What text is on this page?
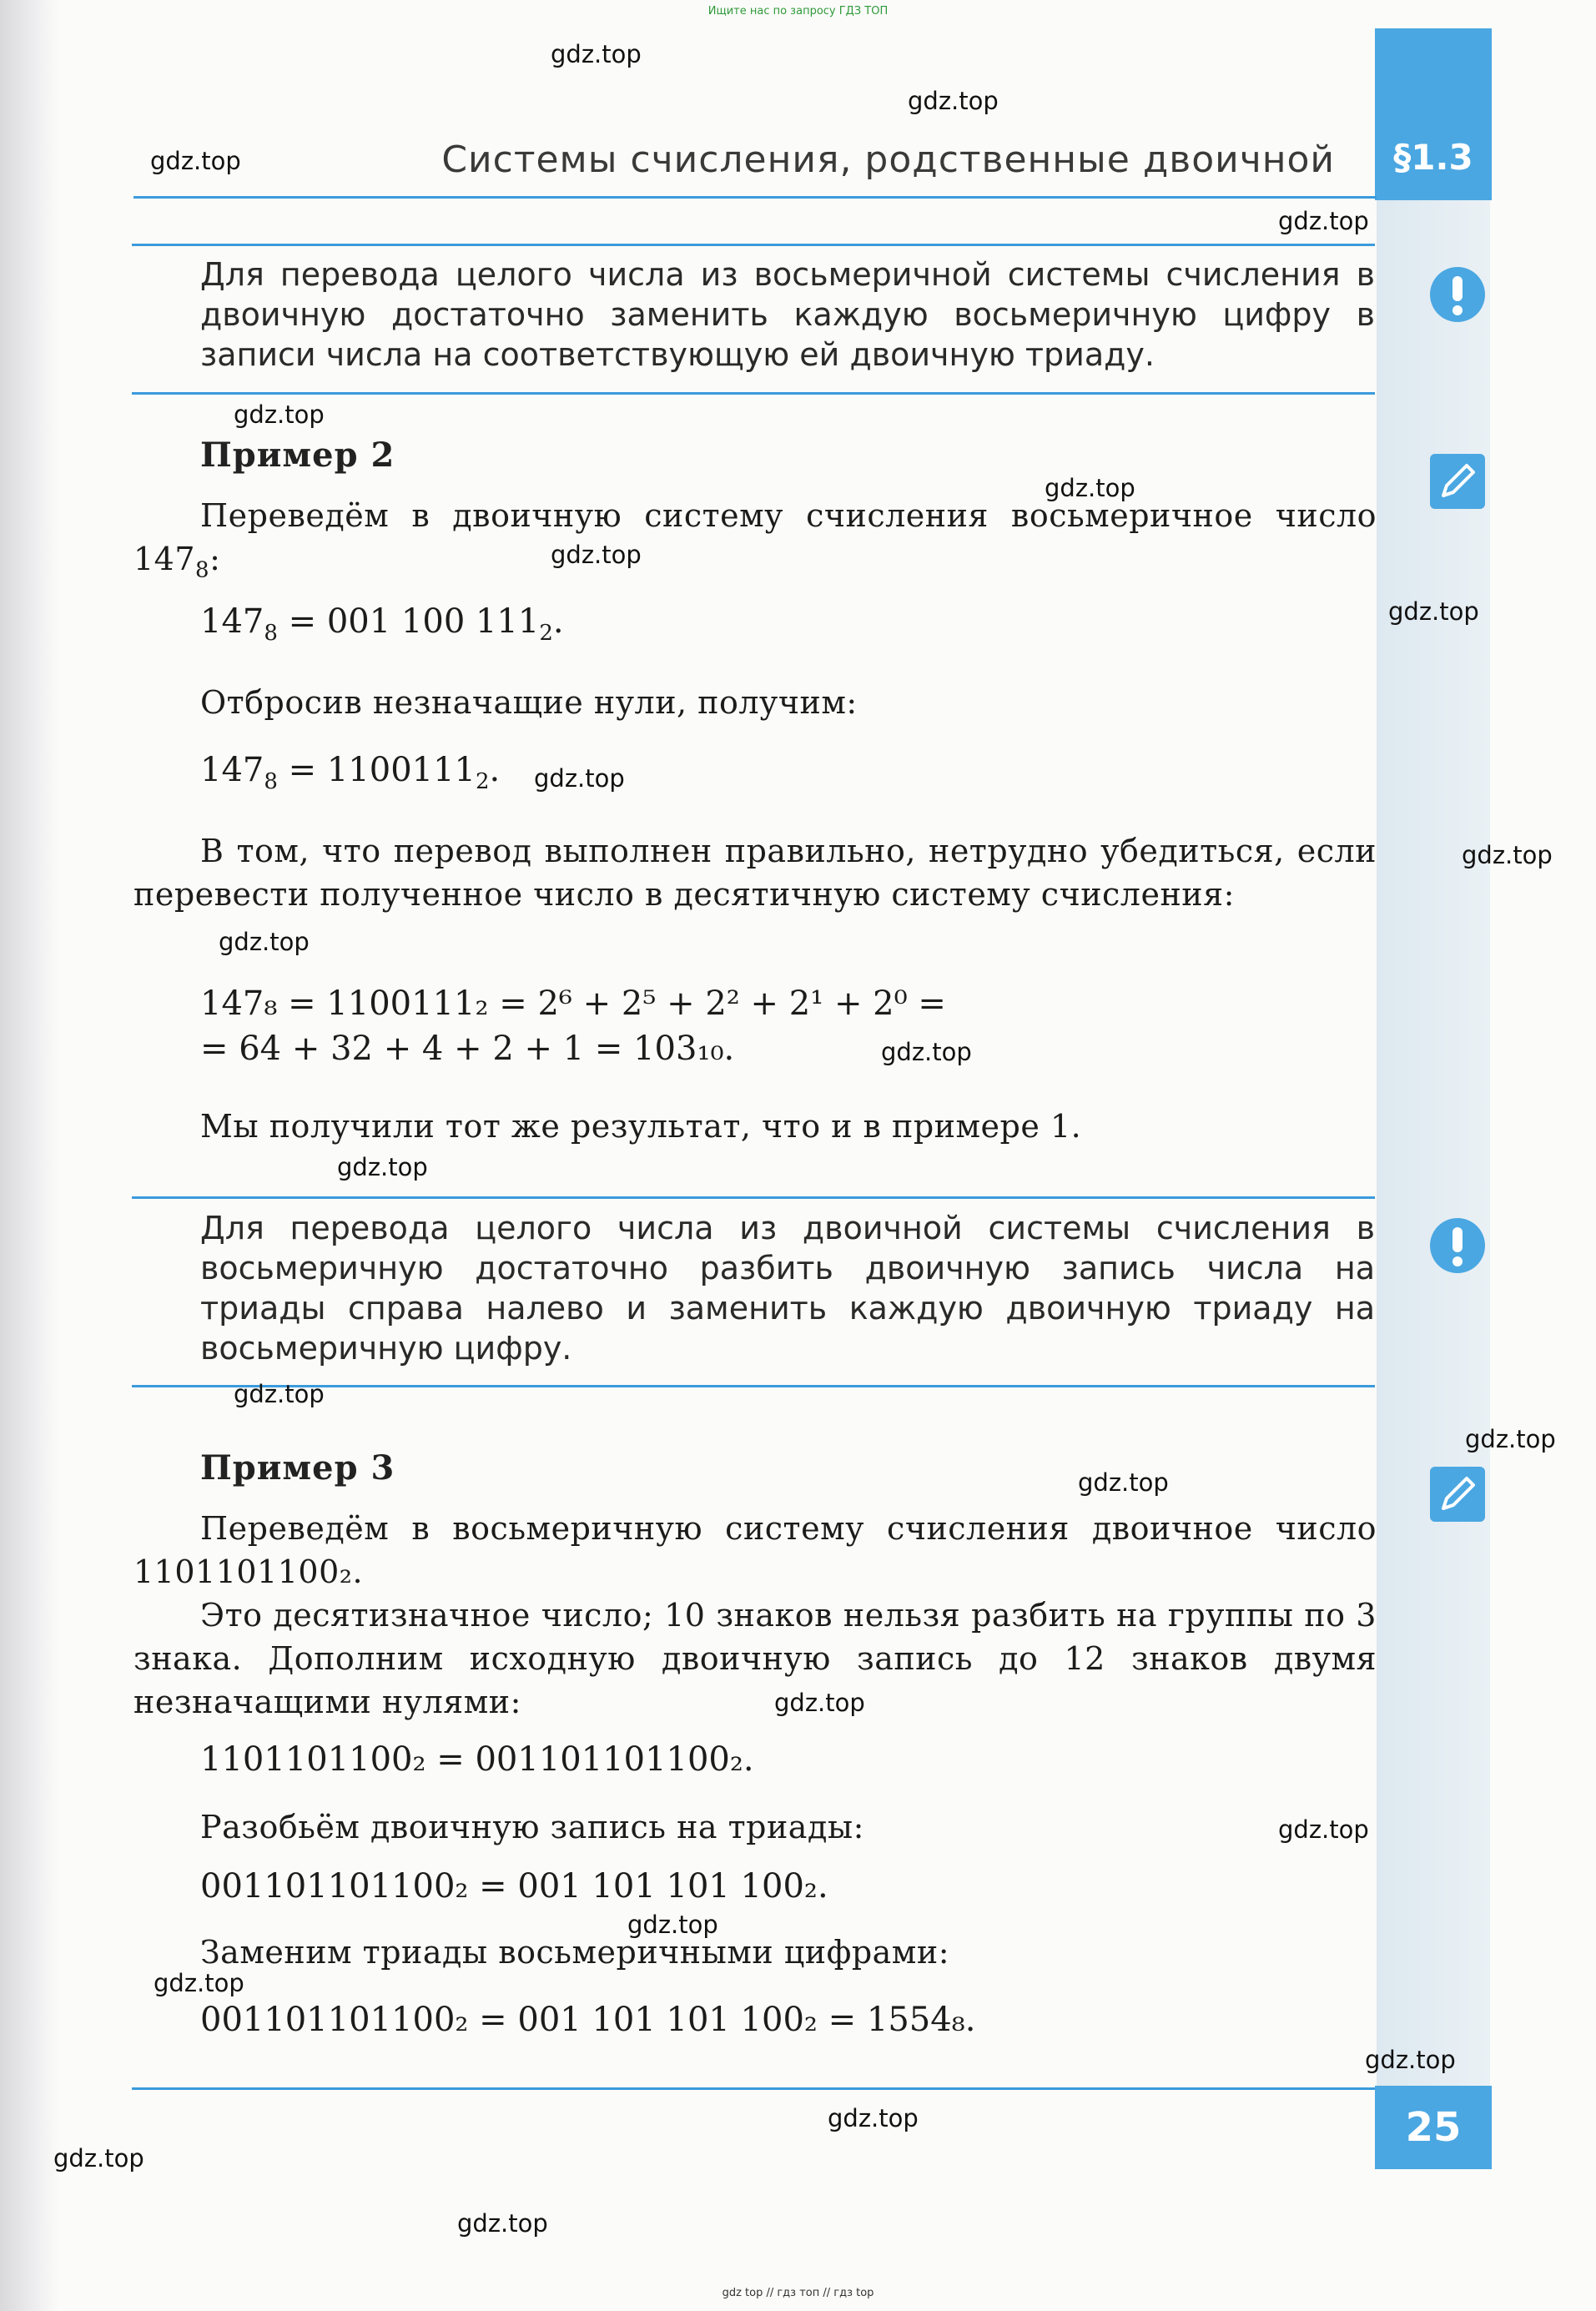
Ищите нас по запросу ГДЗ ТОП
§1.3
Системы счисления, родственные двоичной
Для перевода целого числа из восьмеричной системы счисления в двоичную достаточно заменить каждую восьмеричную цифру в записи числа на соответствующую ей двоичную триаду.
Пример 2
Переведём в двоичную систему счисления восьмеричное число $147_8$:
$147_8 = 001$ 100 $111_2$.
Отбросив незначащие нули, получим:
$147_8 = 1100111_2$.
В том, что перевод выполнен правильно, нетрудно убедиться, если перевести полученное число в десятичную систему счисления:
147₈ = 1100111₂ = 2⁶ + 2⁵ + 2² + 2¹ + 2⁰ =
= 64 + 32 + 4 + 2 + 1 = 103₁₀.
Мы получили тот же результат, что и в примере 1.
Для перевода целого числа из двоичной системы счисления в восьмеричную достаточно разбить двоичную запись числа на триады справа налево и заменить каждую двоичную триаду на восьмеричную цифру.
Пример 3
Переведём в восьмеричную систему счисления двоичное число 1101101100₂.
Это десятизначное число; 10 знаков нельзя разбить на группы по 3 знака. Дополним исходную двоичную запись до 12 знаков двумя незначащими нулями:
1101101100₂ = 001101101100₂.
Разобьём двоичную запись на триады:
001101101100₂ = 001 101 101 100₂.
Заменим триады восьмеричными цифрами:
001101101100₂ = 001 101 101 100₂ = 1554₈.
25
gdz.top
gdz.top
gdz.top
gdz.top
gdz.top
gdz.top
gdz.top
gdz.top
gdz.top
gdz.top
gdz.top
gdz.top
gdz.top
gdz.top
gdz.top
gdz.top
gdz.top
gdz.top
gdz.top
gdz.top
gdz.top
gdz.top
gdz.top
gdz.top
gdz top // гдз топ // гдз top
